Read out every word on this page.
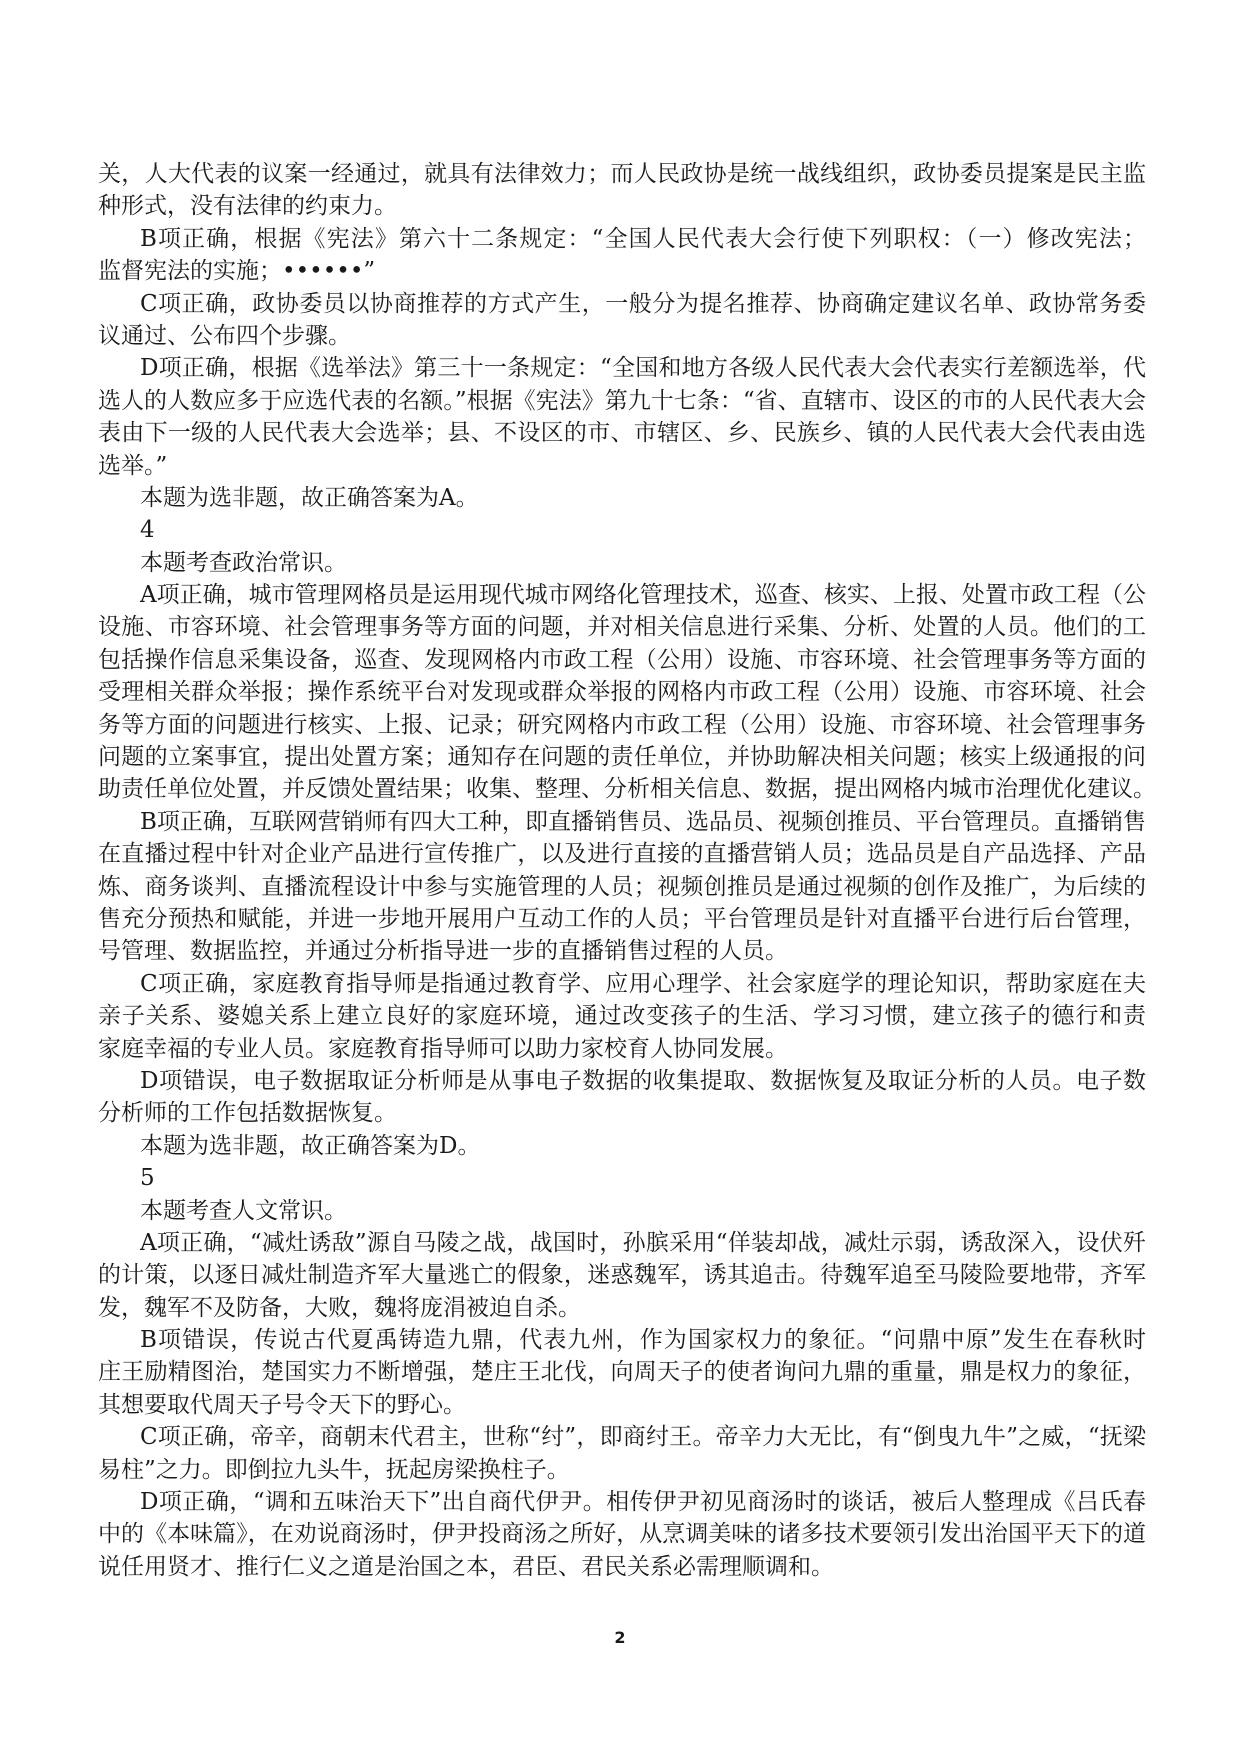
关，人大代表的议案一经通过，就具有法律效力；而人民政协是统一战线组织，政协委员提案是民主监
种形式，没有法律的约束力。
B项正确，根据《宪法》第六十二条规定：“全国人民代表大会行使下列职权：（一）修改宪法；
监督宪法的实施；••••••”
C项正确，政协委员以协商推荐的方式产生，一般分为提名推荐、协商确定建议名单、政协常务委
议通过、公布四个步骤。
D项正确，根据《选举法》第三十一条规定：“全国和地方各级人民代表大会代表实行差额选举，代
选人的人数应多于应选代表的名额。”根据《宪法》第九十七条：“省、直辖市、设区的市的人民代表大会
表由下一级的人民代表大会选举；县、不设区的市、市辖区、乡、民族乡、镇的人民代表大会代表由选
选举。”
本题为选非题，故正确答案为A。
4
本题考查政治常识。
A项正确，城市管理网格员是运用现代城市网络化管理技术，巡查、核实、上报、处置市政工程（公
设施、市容环境、社会管理事务等方面的问题，并对相关信息进行采集、分析、处置的人员。他们的工
包括操作信息采集设备，巡查、发现网格内市政工程（公用）设施、市容环境、社会管理事务等方面的
受理相关群众举报；操作系统平台对发现或群众举报的网格内市政工程（公用）设施、市容环境、社会
务等方面的问题进行核实、上报、记录；研究网格内市政工程（公用）设施、市容环境、社会管理事务
问题的立案事宜，提出处置方案；通知存在问题的责任单位，并协助解决相关问题；核实上级通报的问
助责任单位处置，并反馈处置结果；收集、整理、分析相关信息、数据，提出网格内城市治理优化建议。
B项正确，互联网营销师有四大工种，即直播销售员、选品员、视频创推员、平台管理员。直播销售
在直播过程中针对企业产品进行宣传推广，以及进行直接的直播营销人员；选品员是自产品选择、产品
炼、商务谈判、直播流程设计中参与实施管理的人员；视频创推员是通过视频的创作及推广，为后续的
售充分预热和赋能，并进一步地开展用户互动工作的人员；平台管理员是针对直播平台进行后台管理，
号管理、数据监控，并通过分析指导进一步的直播销售过程的人员。
C项正确，家庭教育指导师是指通过教育学、应用心理学、社会家庭学的理论知识，帮助家庭在夫
亲子关系、婆媳关系上建立良好的家庭环境，通过改变孩子的生活、学习习惯，建立孩子的德行和责
家庭幸福的专业人员。家庭教育指导师可以助力家校育人协同发展。
D项错误，电子数据取证分析师是从事电子数据的收集提取、数据恢复及取证分析的人员。电子数
分析师的工作包括数据恢复。
本题为选非题，故正确答案为D。
5
本题考查人文常识。
A项正确，“减灶诱敌”源自马陵之战，战国时，孙膑采用“佯装却战，减灶示弱，诱敌深入，设伏歼
的计策，以逐日减灶制造齐军大量逃亡的假象，迷惑魏军，诱其追击。待魏军追至马陵险要地带，齐军
发，魏军不及防备，大败，魏将庞涓被迫自杀。
B项错误，传说古代夏禹铸造九鼎，代表九州，作为国家权力的象征。“问鼎中原”发生在春秋时
庄王励精图治，楚国实力不断增强，楚庄王北伐，向周天子的使者询问九鼎的重量，鼎是权力的象征，
其想要取代周天子号令天下的野心。
C项正确，帝辛，商朝末代君主，世称“纣”，即商纣王。帝辛力大无比，有“倒曳九牛”之威，“抚梁
易柱”之力。即倒拉九头牛，抚起房梁换柱子。
D项正确，“调和五味治天下”出自商代伊尹。相传伊尹初见商汤时的谈话，被后人整理成《吕氏春
中的《本味篇》，在劝说商汤时，伊尹投商汤之所好，从烹调美味的诸多技术要领引发出治国平天下的道
说任用贤才、推行仁义之道是治国之本，君臣、君民关系必需理顺调和。
2
